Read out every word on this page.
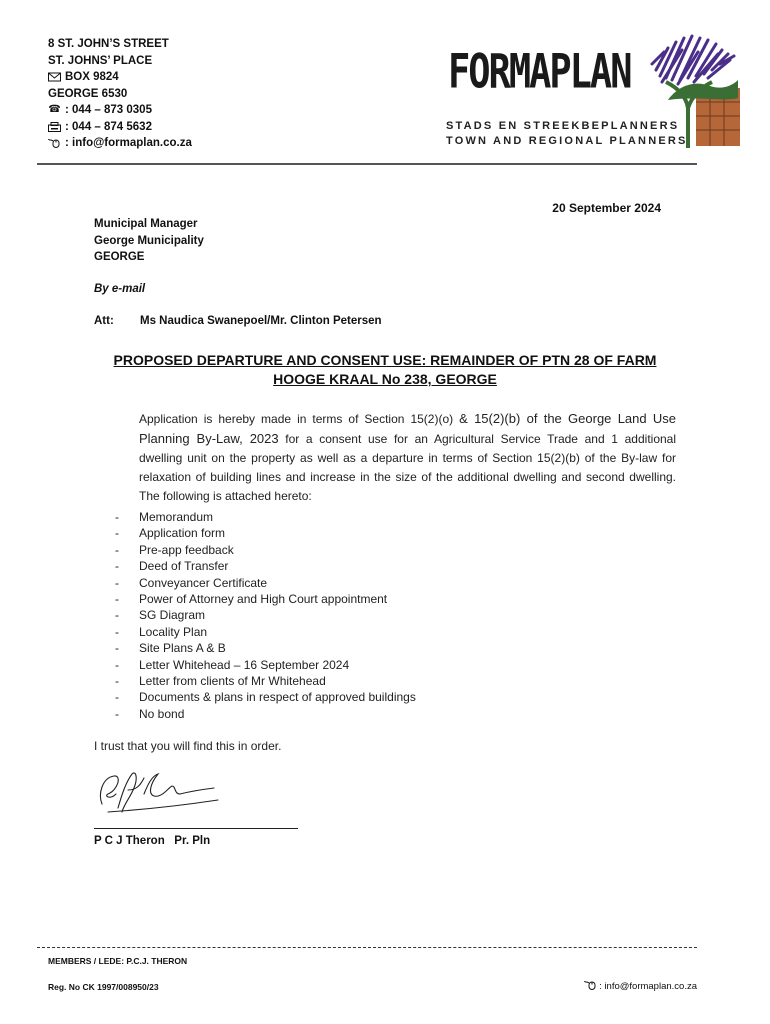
8 ST. JOHN’S STREET
ST. JOHNS’ PLACE
BOX 9824
GEORGE 6530
☎ : 044 – 873 0305
: 044 – 874 5632
: info@formaplan.co.za
FORMAPLAN
STADS EN STREEKBEPLANNERS
TOWN AND REGIONAL PLANNERS
20 September 2024
Municipal Manager
George Municipality
GEORGE
By e-mail
Att: Ms Naudica Swanepoel/Mr. Clinton Petersen
PROPOSED DEPARTURE AND CONSENT USE: REMAINDER OF PTN 28 OF FARM
HOOGE KRAAL No 238, GEORGE
Application is hereby made in terms of Section 15(2)(o) & 15(2)(b) of the George Land Use Planning By-Law, 2023 for a consent use for an Agricultural Service Trade and 1 additional dwelling unit on the property as well as a departure in terms of Section 15(2)(b) of the By-law for relaxation of building lines and increase in the size of the additional dwelling and second dwelling. The following is attached hereto:
-	Memorandum
-	Application form
-	Pre-app feedback
-	Deed of Transfer
-	Conveyancer Certificate
-	Power of Attorney and High Court appointment
-	SG Diagram
-	Locality Plan
-	Site Plans A & B
-	Letter Whitehead – 16 September 2024
-	Letter from clients of Mr Whitehead
-	Documents & plans in respect of approved buildings
-	No bond
I trust that you will find this in order.
P C J Theron   Pr. Pln
MEMBERS / LEDE: P.C.J. THERON
Reg. No CK 1997/008950/23	: info@formaplan.co.za
